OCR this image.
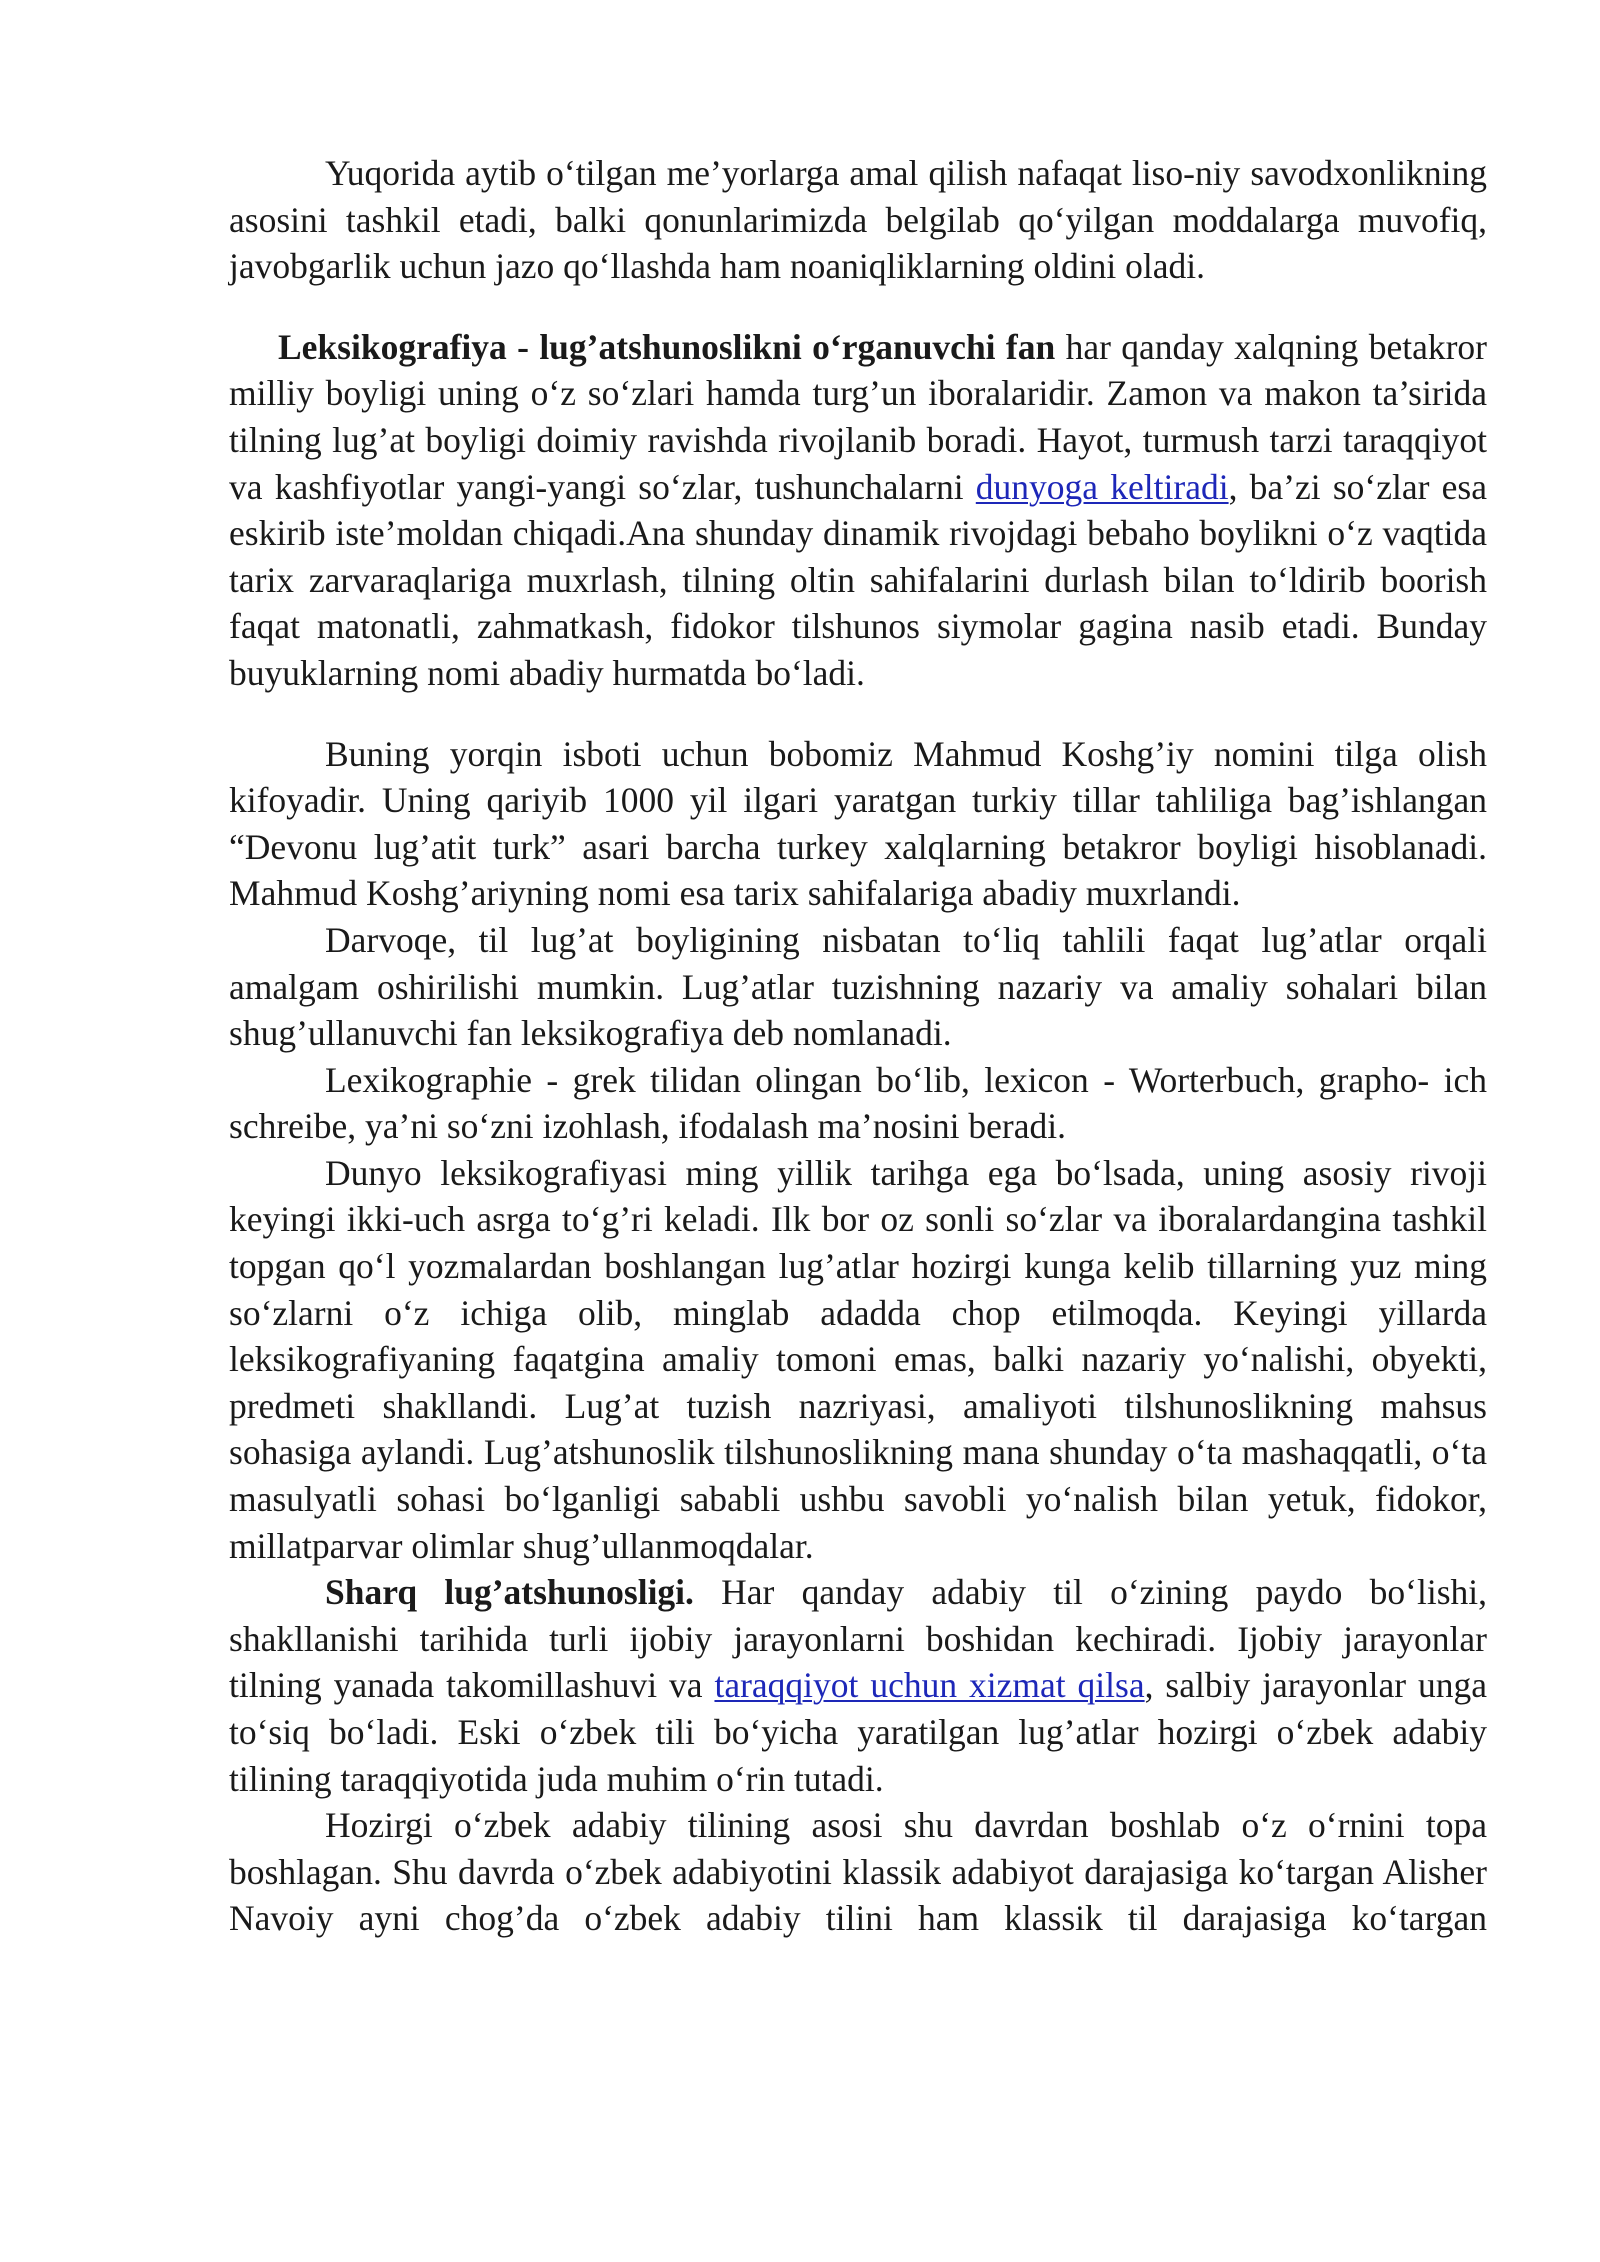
Yuqorida aytib o‘tilgan me’yorlarga amal qilish nafaqat liso-niy savodxonlikning asosini tashkil etadi, balki qonunlarimizda belgilab qo‘yilgan moddalarga muvofiq, javobgarlik uchun jazo qo‘llashda ham noaniqliklarning oldini oladi.

Leksikografiya - lug’atshunoslikni o‘rganuvchi fan har qanday xalqning betakror milliy boyligi uning o‘z so‘zlari hamda turg’un iboralaridir. Zamon va makon ta’sirida tilning lug’at boyligi doimiy ravishda rivojlanib boradi. Hayot, turmush tarzi taraqqiyot va kashfiyotlar yangi-yangi so‘zlar, tushunchalarni dunyoga keltiradi, ba’zi so‘zlar esa eskirib iste’moldan chiqadi.Ana shunday dinamik rivojdagi bebaho boylikni o‘z vaqtida tarix zarvaraqlariga muxrlash, tilning oltin sahifalarini durlash bilan to‘ldirib boorish faqat matonatli, zahmatkash, fidokor tilshunos siymolar gagina nasib etadi. Bunday buyuklarning nomi abadiy hurmatda bo‘ladi.

Buning yorqin isboti uchun bobomiz Mahmud Koshg’iy nomini tilga olish kifoyadir. Uning qariyib 1000 yil ilgari yaratgan turkiy tillar tahliliga bag’ishlangan “Devonu lug’atit turk” asari barcha turkey xalqlarning betakror boyligi hisoblanadi. Mahmud Koshg’ariyning nomi esa tarix sahifalariga abadiy muxrlandi.

Darvoqe, til lug’at boyligining nisbatan to‘liq tahlili faqat lug’atlar orqali amalgam oshirilishi mumkin. Lug’atlar tuzishning nazariy va amaliy sohalari bilan shug’ullanuvchi fan leksikografiya deb nomlanadi.

Lexikographie - grek tilidan olingan bo‘lib, lexicon - Worterbuch, grapho- ich schreibe, ya’ni so‘zni izohlash, ifodalash ma’nosini beradi.

Dunyo leksikografiyasi ming yillik tarihga ega bo‘lsada, uning asosiy rivoji keyingi ikki-uch asrga to‘g’ri keladi. Ilk bor oz sonli so‘zlar va iboralardangina tashkil topgan qo‘l yozmalardan boshlangan lug’atlar hozirgi kunga kelib tillarning yuz ming so‘zlarni o‘z ichiga olib, minglab adadda chop etilmoqda. Keyingi yillarda leksikografiyaning faqatgina amaliy tomoni emas, balki nazariy yo‘nalishi, obyekti, predmeti shakllandi. Lug’at tuzish nazriyasi, amaliyoti tilshunoslikning mahsus sohasiga aylandi. Lug’atshunoslik tilshunoslikning mana shunday o‘ta mashaqqatli, o‘ta masulyatli sohasi bo‘lganligi sababli ushbu savobli yo‘nalish bilan yetuk, fidokor, millatparvar olimlar shug’ullanmoqdalar.

Sharq lug’atshunosligi. Har qanday adabiy til o‘zining paydo bo‘lishi, shakllanishi tarihida turli ijobiy jarayonlarni boshidan kechiradi. Ijobiy jarayonlar tilning yanada takomillashuvi va taraqqiyot uchun xizmat qilsa, salbiy jarayonlar unga to‘siq bo‘ladi. Eski o‘zbek tili bo‘yicha yaratilgan lug’atlar hozirgi o‘zbek adabiy tilining taraqqiyotida juda muhim o‘rin tutadi.

Hozirgi o‘zbek adabiy tilining asosi shu davrdan boshlab o‘z o‘rnini topa boshlagan. Shu davrda o‘zbek adabiyotini klassik adabiyot darajasiga ko‘targan Alisher Navoiy ayni chog’da o‘zbek adabiy tilini ham klassik til darajasiga ko‘targan
